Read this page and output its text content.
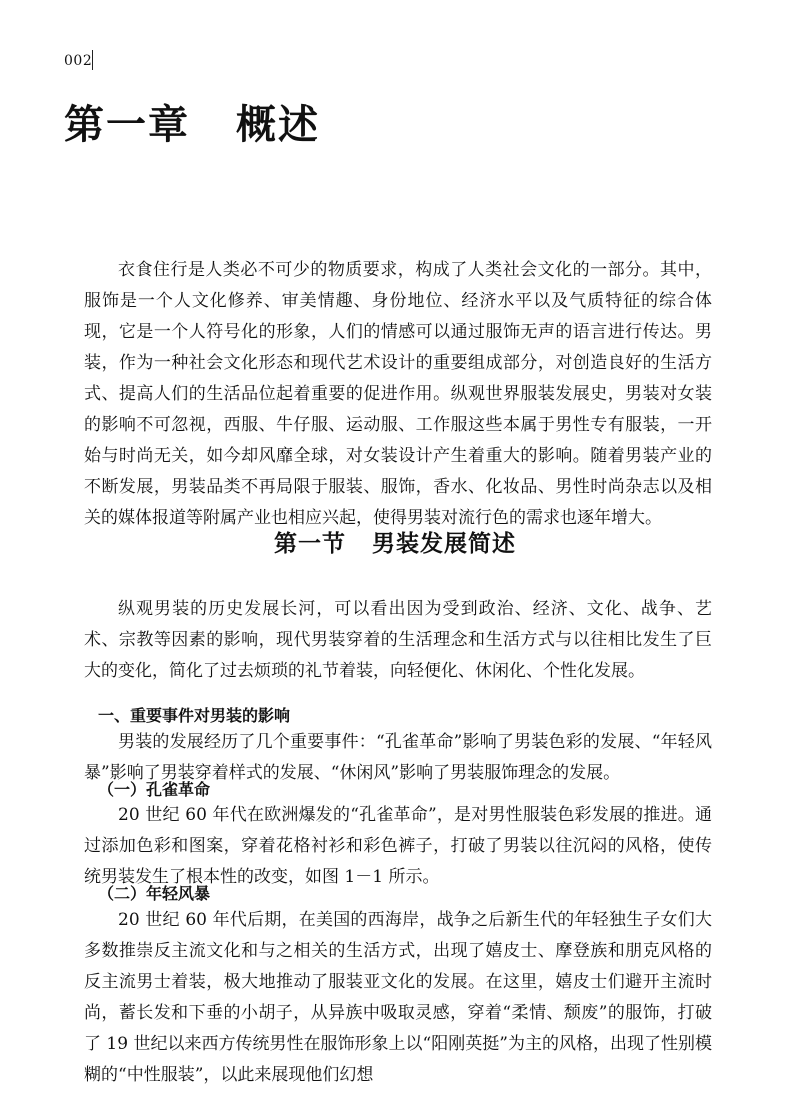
002
第一章 概述

衣食住行是人类必不可少的物质要求，构成了人类社会文化的一部分。其中，服饰是一个人文化修养、审美情趣、身份地位、经济水平以及气质特征的综合体现，它是一个人符号化的形象，人们的情感可以通过服饰无声的语言进行传达。男装，作为一种社会文化形态和现代艺术设计的重要组成部分，对创造良好的生活方式、提高人们的生活品位起着重要的促进作用。纵观世界服装发展史，男装对女装的影响不可忽视，西服、牛仔服、运动服、工作服这些本属于男性专有服装，一开始与时尚无关，如今却风靡全球，对女装设计产生着重大的影响。随着男装产业的不断发展，男装品类不再局限于服装、服饰，香水、化妆品、男性时尚杂志以及相关的媒体报道等附属产业也相应兴起，使得男装对流行色的需求也逐年增大。

第一节 男装发展简述

纵观男装的历史发展长河，可以看出因为受到政治、经济、文化、战争、艺术、宗教等因素的影响，现代男装穿着的生活理念和生活方式与以往相比发生了巨大的变化，简化了过去烦琐的礼节着装，向轻便化、休闲化、个性化发展。

一、重要事件对男装的影响

男装的发展经历了几个重要事件：“孔雀革命”影响了男装色彩的发展、“年轻风暴”影响了男装穿着样式的发展、“休闲风”影响了男装服饰理念的发展。

（一）孔雀革命

20 世纪 60 年代在欧洲爆发的“孔雀革命”，是对男性服装色彩发展的推进。通过添加色彩和图案，穿着花格衬衫和彩色裤子，打破了男装以往沉闷的风格，使传统男装发生了根本性的改变，如图 1－1 所示。

（二）年轻风暴

20 世纪 60 年代后期，在美国的西海岸，战争之后新生代的年轻独生子女们大多数推崇反主流文化和与之相关的生活方式，出现了嬉皮士、摩登族和朋克风格的反主流男士着装，极大地推动了服装亚文化的发展。在这里，嬉皮士们避开主流时尚，蓄长发和下垂的小胡子，从异族中吸取灵感，穿着“柔情、颓废”的服饰，打破了 19 世纪以来西方传统男性在服饰形象上以“阳刚英挺”为主的风格，出现了性别模糊的“中性服装”，以此来展现他们幻想
